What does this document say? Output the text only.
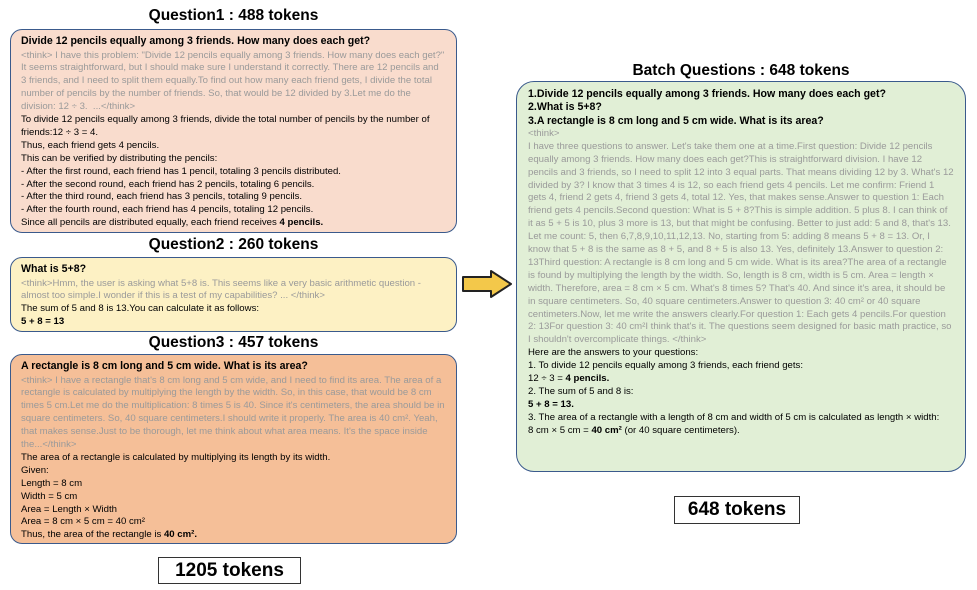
Question1 : 488 tokens
Divide 12 pencils equally among 3 friends. How many does each get?
<think> I have this problem: "Divide 12 pencils equally among 3 friends. How many does each get?" It seems straightforward, but I should make sure I understand it correctly. There are 12 pencils and 3 friends, and I need to split them equally.To find out how many each friend gets, I divide the total number of pencils by the number of friends. So, that would be 12 divided by 3.Let me do the division: 12 ÷ 3.  ...</think>
To divide 12 pencils equally among 3 friends, divide the total number of pencils by the number of friends:12 ÷ 3 = 4.
Thus, each friend gets 4 pencils.
This can be verified by distributing the pencils:
- After the first round, each friend has 1 pencil, totaling 3 pencils distributed.
- After the second round, each friend has 2 pencils, totaling 6 pencils.
- After the third round, each friend has 3 pencils, totaling 9 pencils.
- After the fourth round, each friend has 4 pencils, totaling 12 pencils.
Since all pencils are distributed equally, each friend receives 4 pencils.
Question2 : 260 tokens
What is 5+8?
<think>Hmm, the user is asking what 5+8 is. This seems like a very basic arithmetic question - almost too simple.I wonder if this is a test of my capabilities? ... </think>
The sum of 5 and 8 is 13.You can calculate it as follows:
5 + 8 = 13
Question3 : 457 tokens
A rectangle is 8 cm long and 5 cm wide. What is its area?
<think> I have a rectangle that's 8 cm long and 5 cm wide, and I need to find its area. The area of a rectangle is calculated by multiplying the length by the width. So, in this case, that would be 8 cm times 5 cm.Let me do the multiplication: 8 times 5 is 40. Since it's centimeters, the area should be in square centimeters. So, 40 square centimeters.I should write it properly. The area is 40 cm². Yeah, that makes sense.Just to be thorough, let me think about what area means. It's the space inside the...</think>
The area of a rectangle is calculated by multiplying its length by its width.
Given:
Length = 8 cm
Width = 5 cm
Area = Length × Width
Area = 8 cm × 5 cm = 40 cm²
Thus, the area of the rectangle is 40 cm².
1205 tokens
Batch Questions : 648 tokens
1.Divide 12 pencils equally among 3 friends. How many does each get?
2.What is 5+8?
3.A rectangle is 8 cm long and 5 cm wide. What is its area?
<think>
I have three questions to answer. Let's take them one at a time.First question: Divide 12 pencils equally among 3 friends. How many does each get?This is straightforward division. I have 12 pencils and 3 friends, so I need to split 12 into 3 equal parts. That means dividing 12 by 3. What's 12 divided by 3? I know that 3 times 4 is 12, so each friend gets 4 pencils. Let me confirm: Friend 1 gets 4, friend 2 gets 4, friend 3 gets 4, total 12. Yes, that makes sense.Answer to question 1: Each friend gets 4 pencils.Second question: What is 5 + 8?This is simple addition. 5 plus 8. I can think of it as 5 + 5 is 10, plus 3 more is 13, but that might be confusing. Better to just add: 5 and 8, that's 13. Let me count: 5, then 6,7,8,9,10,11,12,13. No, starting from 5: adding 8 means 5 + 8 = 13. Or, I know that 5 + 8 is the same as 8 + 5, and 8 + 5 is also 13. Yes, definitely 13.Answer to question 2: 13Third question: A rectangle is 8 cm long and 5 cm wide. What is its area?The area of a rectangle is found by multiplying the length by the width. So, length is 8 cm, width is 5 cm. Area = length × width. Therefore, area = 8 cm × 5 cm. What's 8 times 5? That's 40. And since it's area, it should be in square centimeters. So, 40 square centimeters.Answer to question 3: 40 cm² or 40 square centimeters.Now, let me write the answers clearly.For question 1: Each gets 4 pencils.For question 2: 13For question 3: 40 cm²I think that's it. The questions seem designed for basic math practice, so I shouldn't overcomplicate things. </think>
Here are the answers to your questions:
1. To divide 12 pencils equally among 3 friends, each friend gets:
12 ÷ 3 = 4 pencils.
2. The sum of 5 and 8 is:
5 + 8 = 13.
3. The area of a rectangle with a length of 8 cm and width of 5 cm is calculated as length × width:
8 cm × 5 cm = 40 cm² (or 40 square centimeters).
648 tokens
